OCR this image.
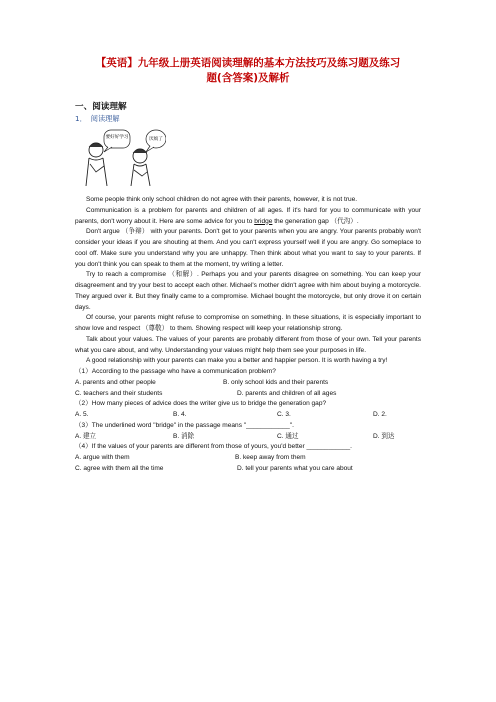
【英语】九年级上册英语阅读理解的基本方法技巧及练习题及练习
题(含答案)及解析
一、阅读理解
1． 阅读理解
要好好学习	厌烦了

Some people think only school children do not agree with their parents, however, it is not true.

Communication is a problem for parents and children of all ages. If it's hard for you to communicate with your parents, don't worry about it. Here are some advice for you to bridge the generation gap （代沟）.

Don't argue （争辩） with your parents. Don't get to your parents when you are angry. Your parents probably won't consider your ideas if you are shouting at them. And you can't express yourself well if you are angry. Go someplace to cool off. Make sure you understand why you are unhappy. Then think about what you want to say to your parents. If you don't think you can speak to them at the moment, try writing a letter.

Try to reach a compromise （和解）. Perhaps you and your parents disagree on something. You can keep your disagreement and try your best to accept each other. Michael's mother didn't agree with him about buying a motorcycle. They argued over it. But they finally came to a compromise. Michael bought the motorcycle, but only drove it on certain days.

Of course, your parents might refuse to compromise on something. In these situations, it is especially important to show love and respect （尊敬） to them. Showing respect will keep your relationship strong.

Talk about your values. The values of your parents are probably different from those of your own. Tell your parents what you care about, and why. Understanding your values might help them see your purposes in life.

A good relationship with your parents can make you a better and happier person. It is worth having a try!

（1）According to the passage who have a communication problem?

A. parents and other people	B. only school kids and their parents
C. teachers and their students	D. parents and children of all ages

（2）How many pieces of advice does the writer give us to bridge the generation gap?

A. 5.	B. 4.	C. 3.	D. 2.

（3）The underlined word "bridge" in the passage means "____________".

A. 建立	B. 消除	C. 通过	D. 到达

（4）If the values of your parents are different from those of yours, you'd better ____________.

A. argue with them	B. keep away from them
C. agree with them all the time	D. tell your parents what you care about
